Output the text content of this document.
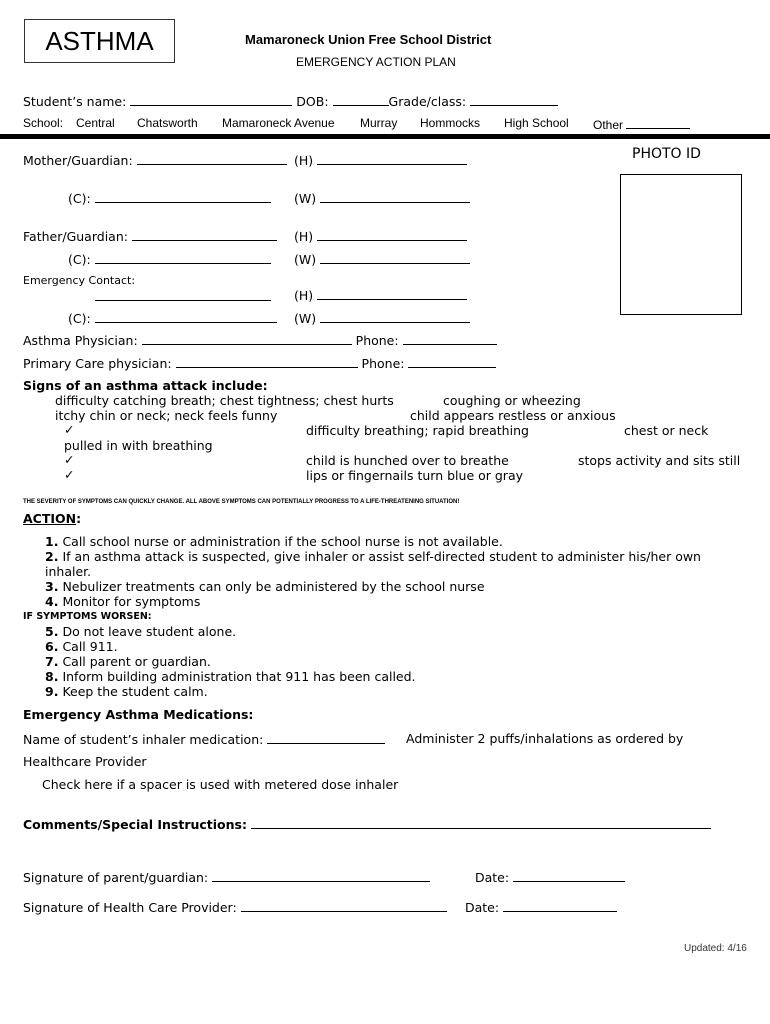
ASTHMA	Mamaroneck Union Free School District
EMERGENCY ACTION PLAN
Student’s name:	DOB:	Grade/class:
School: Central Chatsworth Mamaroneck Avenue Murray Hommocks High School Other
PHOTO ID
Mother/Guardian:	(H)
(C):	(W)
Father/Guardian:	(H)
(C):	(W)
Emergency Contact:
(H)
(C):	(W)
Asthma Physician:	Phone:
Primary Care physician:	Phone:
Signs of an asthma attack include:
difficulty catching breath; chest tightness; chest hurts	coughing or wheezing
itchy chin or neck; neck feels funny	child appears restless or anxious
✓	difficulty breathing; rapid breathing	chest or neck
pulled in with breathing
✓	child is hunched over to breathe	stops activity and sits still
✓	lips or fingernails turn blue or gray
THE SEVERITY OF SYMPTOMS CAN QUICKLY CHANGE. ALL ABOVE SYMPTOMS CAN POTENTIALLY PROGRESS TO A LIFE-THREATENING SITUATION!
ACTION:
1. Call school nurse or administration if the school nurse is not available.
2. If an asthma attack is suspected, give inhaler or assist self-directed student to administer his/her own
inhaler.
3. Nebulizer treatments can only be administered by the school nurse
4. Monitor for symptoms
IF SYMPTOMS WORSEN:
5. Do not leave student alone.
6. Call 911.
7. Call parent or guardian.
8. Inform building administration that 911 has been called.
9. Keep the student calm.
Emergency Asthma Medications:
Name of student’s inhaler medication:	Administer 2 puffs/inhalations as ordered by
Healthcare Provider
Check here if a spacer is used with metered dose inhaler
Comments/Special Instructions:
Signature of parent/guardian:	Date:
Signature of Health Care Provider:	Date:
Updated: 4/16
